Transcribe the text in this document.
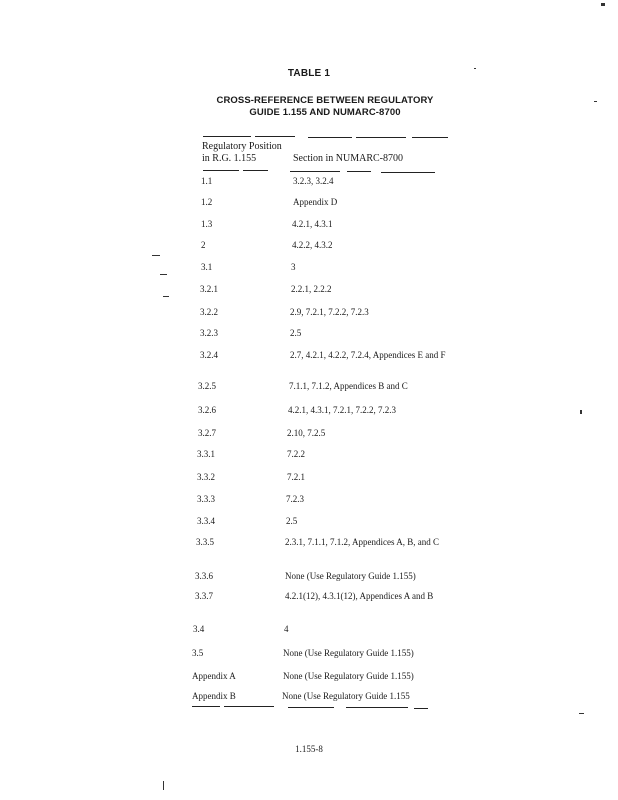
TABLE 1
CROSS-REFERENCE BETWEEN REGULATORY
GUIDE 1.155 AND NUMARC-8700
Regulatory Position
in R.G. 1.155	Section in NUMARC-8700
1.1	3.2.3, 3.2.4
1.2	Appendix D
1.3	4.2.1, 4.3.1
2	4.2.2, 4.3.2
3.1	3
3.2.1	2.2.1, 2.2.2
3.2.2	2.9, 7.2.1, 7.2.2, 7.2.3
3.2.3	2.5
3.2.4	2.7, 4.2.1, 4.2.2, 7.2.4, Appendices E and F
3.2.5	7.1.1, 7.1.2, Appendices B and C
3.2.6	4.2.1, 4.3.1, 7.2.1, 7.2.2, 7.2.3
3.2.7	2.10, 7.2.5
3.3.1	7.2.2
3.3.2	7.2.1
3.3.3	7.2.3
3.3.4	2.5
3.3.5	2.3.1, 7.1.1, 7.1.2, Appendices A, B, and C
3.3.6	None (Use Regulatory Guide 1.155)
3.3.7	4.2.1(12), 4.3.1(12), Appendices A and B
3.4	4
3.5	None (Use Regulatory Guide 1.155)
Appendix A	None (Use Regulatory Guide 1.155)
Appendix B	None (Use Regulatory Guide 1.155
1.155-8
